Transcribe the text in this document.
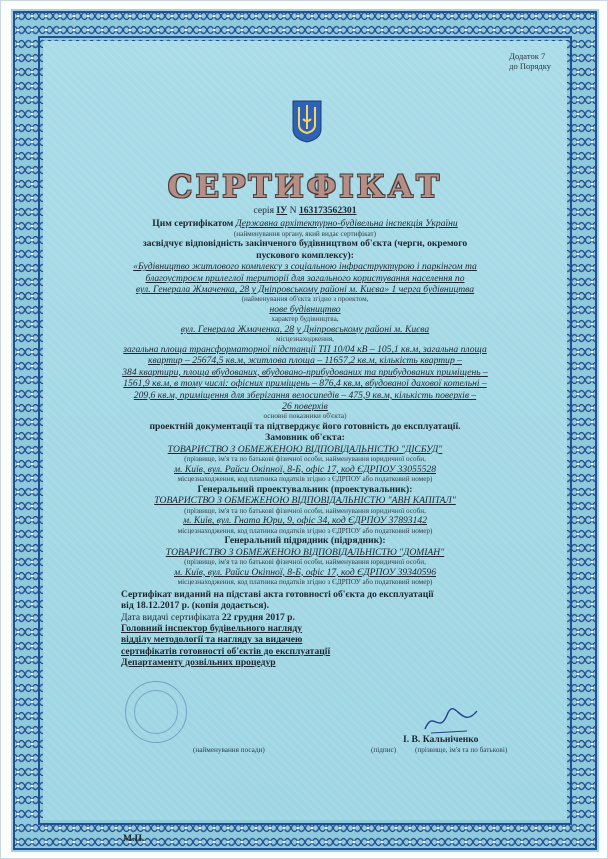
Додаток 7
до Порядку
СЕРТИФІКАТ
серія IУ N 163173562301
Цим сертифікатом Державна архітектурно-будівельна інспекція України
(найменування органу, який видає сертифікат)
засвідчує відповідність закінченого будівництвом об'єкта (черги, окремого
пускового комплексу):
«Будівництво житлового комплексу з соціальною інфраструктурою і паркінгом та
благоустроєм прилеглої території для загального користування населення по
вул. Генерала Жмаченка, 28 у Дніпровському районі м. Києва» 1 черга будівництва
(найменування об'єкта згідно з проектом,
нове будівництво
характер будівництва,
вул. Генерала Жмаченка, 28 у Дніпровському районі м. Києва
місцезнаходження,
загальна площа трансформаторної підстанції ТП 10/04 кВ – 105,1 кв.м, загальна площа
квартир – 25674,5 кв.м, житлова площа – 11657,2 кв.м, кількість квартир –
384 квартири, площа вбудованих, вбудовано-прибудованих та прибудованих приміщень –
1561,9 кв.м, в тому числі: офісних приміщень – 876,4 кв.м, вбудованої дахової котельні –
209,6 кв.м, приміщення для зберігання велосипедів – 475,9 кв.м, кількість поверхів –
26 поверхів
основні показники об'єкта)
проектній документації та підтверджує його готовність до експлуатації.
Замовник об'єкта:
ТОВАРИСТВО З ОБМЕЖЕНОЮ ВІДПОВІДАЛЬНІСТЮ "ДІСБУД"
(прізвище, ім'я та по батькові фізичної особи, найменування юридичної особи,
м. Київ, вул. Райси Окіпної, 8-Б, офіс 17, код ЄДРПОУ 33055528
місцезнаходження, код платника податків згідно з ЄДРПОУ або податковий номер)
Генеральний проектувальник (проектувальник):
ТОВАРИСТВО З ОБМЕЖЕНОЮ ВІДПОВІДАЛЬНІСТЮ "АВН КАПІТАЛ"
(прізвище, ім'я та по батькові фізичної особи, найменування юридичної особи,
м. Київ, вул. Гната Юри, 9, офіс 34, код ЄДРПОУ 37893142
місцезнаходження, код платника податків згідно з ЄДРПОУ або податковий номер)
Генеральний підрядник (підрядник):
ТОВАРИСТВО З ОБМЕЖЕНОЮ ВІДПОВІДАЛЬНІСТЮ "ДОМІАН"
(прізвище, ім'я та по батькові фізичної особи, найменування юридичної особи,
м. Київ, вул. Райси Окіпної, 8-Б, офіс 17, код ЄДРПОУ 39340596
місцезнаходження, код платника податків згідно з ЄДРПОУ або податковий номер)
Сертифікат виданий на підставі акта готовності об'єкта до експлуатації
від 18.12.2017 р. (копія додається).
Дата видачі сертифіката 22 грудня 2017 р.
Головний інспектор будівельного нагляду
відділу методології та нагляду за видачею
сертифікатів готовності об'єктів до експлуатації
Департаменту дозвільних процедур
(найменування посади)	(підпис)
І. В. Кальніченко
(прізвище, ім'я та по батькові)
М.П.
